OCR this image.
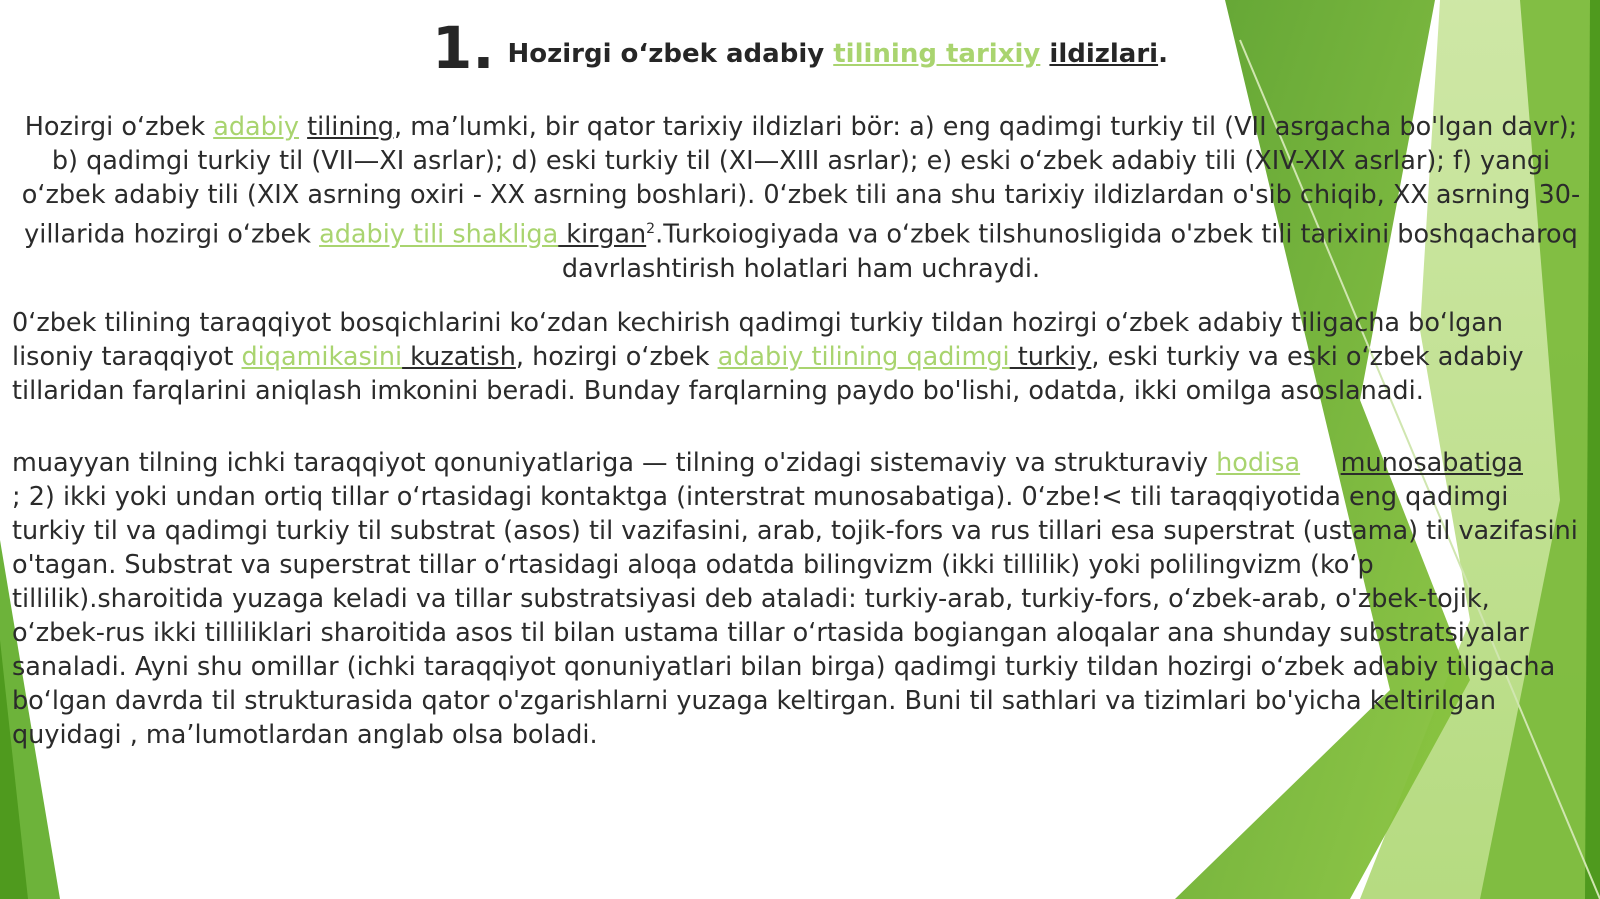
1. Hozirgi o‘zbek adabiy tilining tarixiy ildizlari.
Hozirgi o‘zbek adabiy tilining, ma’lumki, bir qator tarixiy ildizlari bör: a) eng qadimgi turkiy til (VII asrgacha bo'lgan davr); b) qadimgi turkiy til (VII—XI asrlar); d) eski turkiy til (XI—XIII asrlar); e) eski o‘zbek adabiy tili (XIV-XIX asrlar); f) yangi o‘zbek adabiy tili (XIX asrning oxiri - XX asrning boshlari). 0‘zbek tili ana shu tarixiy ildizlardan o'sib chiqib, XX asrning 30- yillarida hozirgi o‘zbek adabiy tili shakliga kirgan$^2$.Turkoiogiyada va o‘zbek tilshunosligida o'zbek tili tarixini boshqacharoq davrlashtirish holatlari ham uchraydi.
0‘zbek tilining taraqqiyot bosqichlarini ko‘zdan kechirish qadimgi turkiy tildan hozirgi o‘zbek adabiy tiligacha bo‘lgan lisoniy taraqqiyot diqamikasini kuzatish, hozirgi o‘zbek adabiy tilining qadimgi turkiy, eski turkiy va eski o‘zbek adabiy tillaridan farqlarini aniqlash imkonini beradi. Bunday farqlarning paydo bo'lishi, odatda, ikki omilga asoslanadi.
muayyan tilning ichki taraqqiyot qonuniyatlariga — tilning o'zidagi sistemaviy va strukturaviy hodisa munosabatiga
; 2) ikki yoki undan ortiq tillar o‘rtasidagi kontaktga (interstrat munosabatiga). 0‘zbe!< tili taraqqiyotida eng qadimgi turkiy til va qadimgi turkiy til substrat (asos) til vazifasini, arab, tojik-fors va rus tillari esa superstrat (ustama) til vazifasini o'tagan. Substrat va superstrat tillar o‘rtasidagi aloqa odatda bilingvizm (ikki tillilik) yoki polilingvizm (ko‘p tillilik).sharoitida yuzaga keladi va tillar substratsiyasi deb ataladi: turkiy-arab, turkiy-fors, o‘zbek-arab, o'zbek-tojik, o‘zbek-rus ikki tilliliklari sharoitida asos til bilan ustama tillar o‘rtasida bogiangan aloqalar ana shunday substratsiyalar sanaladi. Ayni shu omillar (ichki taraqqiyot qonuniyatlari bilan birga) qadimgi turkiy tildan hozirgi o‘zbek adabiy tiligacha bo‘lgan davrda til strukturasida qator o'zgarishlarni yuzaga keltirgan. Buni til sathlari va tizimlari bo'yicha keltirilgan quyidagi , ma’lumotlardan anglab olsa boladi.
